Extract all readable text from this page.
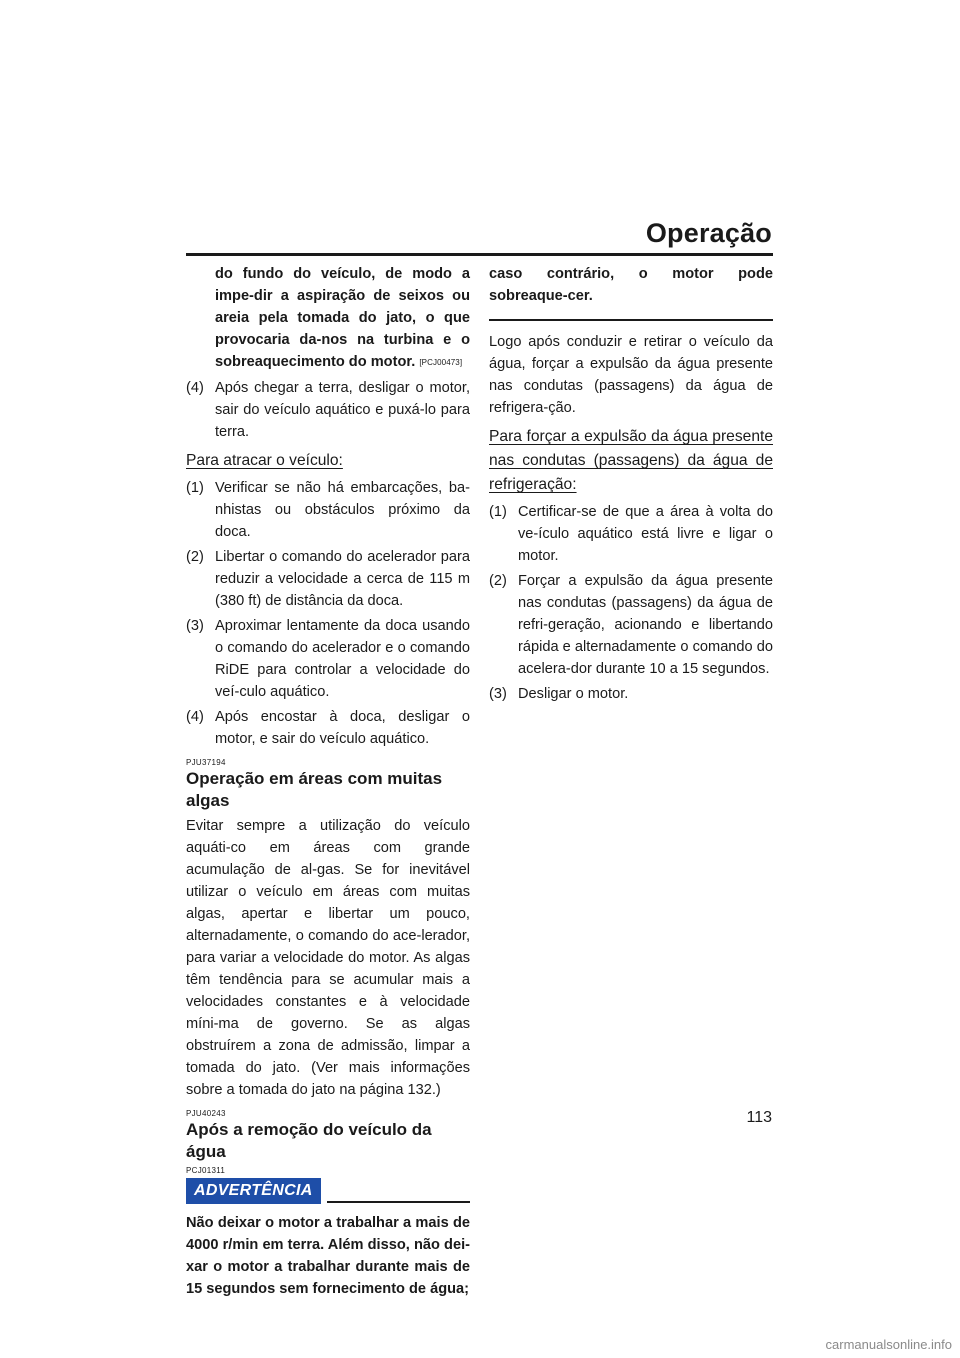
Operação

do fundo do veículo, de modo a impe-dir a aspiração de seixos ou areia pela tomada do jato, o que provocaria da-nos na turbina e o sobreaquecimento do motor. [PCJ00473]

(4) Após chegar a terra, desligar o motor, sair do veículo aquático e puxá-lo para terra.
Para atracar o veículo:
(1) Verificar se não há embarcações, ba-nhistas ou obstáculos próximo da doca.
(2) Libertar o comando do acelerador para reduzir a velocidade a cerca de 115 m (380 ft) de distância da doca.
(3) Aproximar lentamente da doca usando o comando do acelerador e o comando RiDE para controlar a velocidade do veí-culo aquático.
(4) Após encostar à doca, desligar o motor, e sair do veículo aquático.
PJU37194
Operação em áreas com muitas algas

Evitar sempre a utilização do veículo aquáti-co em áreas com grande acumulação de al-gas. Se for inevitável utilizar o veículo em áreas com muitas algas, apertar e libertar um pouco, alternadamente, o comando do ace-lerador, para variar a velocidade do motor. As algas têm tendência para se acumular mais a velocidades constantes e à velocidade míni-ma de governo. Se as algas obstruírem a zona de admissão, limpar a tomada do jato. (Ver mais informações sobre a tomada do jato na página 132.)

PJU40243
Após a remoção do veículo da água
PCJ01311
ADVERTÊNCIA

Não deixar o motor a trabalhar a mais de 4000 r/min em terra. Além disso, não dei-xar o motor a trabalhar durante mais de 15 segundos sem fornecimento de água;

caso contrário, o motor pode sobreaque-cer.

Logo após conduzir e retirar o veículo da água, forçar a expulsão da água presente nas condutas (passagens) da água de refrigera-ção.

Para forçar a expulsão da água presente nas condutas (passagens) da água de refrigeração:
(1) Certificar-se de que a área à volta do ve-ículo aquático está livre e ligar o motor.
(2) Forçar a expulsão da água presente nas condutas (passagens) da água de refri-geração, acionando e libertando rápida e alternadamente o comando do acelera-dor durante 10 a 15 segundos.
(3) Desligar o motor.
113
carmanualsonline.info
